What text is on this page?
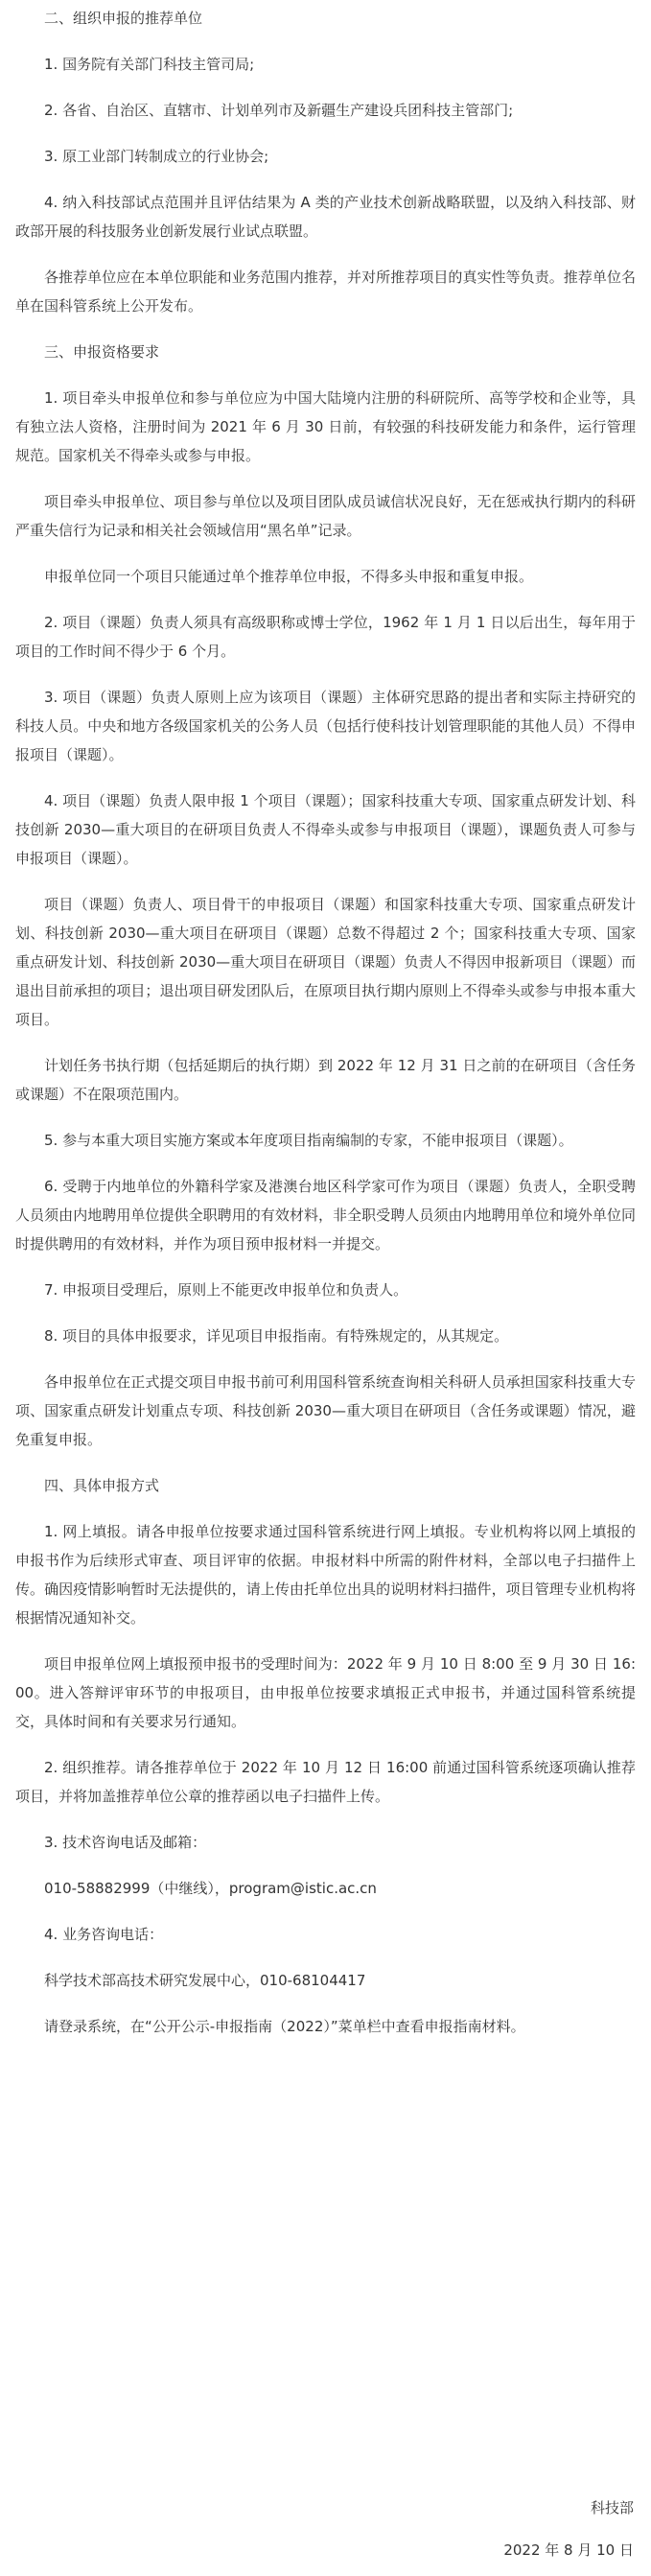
二、组织申报的推荐单位

1. 国务院有关部门科技主管司局;

2. 各省、自治区、直辖市、计划单列市及新疆生产建设兵团科技主管部门;

3. 原工业部门转制成立的行业协会;

4. 纳入科技部试点范围并且评估结果为 A 类的产业技术创新战略联盟，以及纳入科技部、财政部开展的科技服务业创新发展行业试点联盟。

各推荐单位应在本单位职能和业务范围内推荐，并对所推荐项目的真实性等负责。推荐单位名单在国科管系统上公开发布。

三、申报资格要求

1. 项目牵头申报单位和参与单位应为中国大陆境内注册的科研院所、高等学校和企业等，具有独立法人资格，注册时间为 2021 年 6 月 30 日前，有较强的科技研发能力和条件，运行管理规范。国家机关不得牵头或参与申报。

项目牵头申报单位、项目参与单位以及项目团队成员诚信状况良好，无在惩戒执行期内的科研严重失信行为记录和相关社会领域信用“黑名单”记录。

申报单位同一个项目只能通过单个推荐单位申报，不得多头申报和重复申报。

2. 项目（课题）负责人须具有高级职称或博士学位，1962 年 1 月 1 日以后出生，每年用于项目的工作时间不得少于 6 个月。

3. 项目（课题）负责人原则上应为该项目（课题）主体研究思路的提出者和实际主持研究的科技人员。中央和地方各级国家机关的公务人员（包括行使科技计划管理职能的其他人员）不得申报项目（课题）。

4. 项目（课题）负责人限申报 1 个项目（课题）；国家科技重大专项、国家重点研发计划、科技创新 2030—重大项目的在研项目负责人不得牵头或参与申报项目（课题），课题负责人可参与申报项目（课题）。

项目（课题）负责人、项目骨干的申报项目（课题）和国家科技重大专项、国家重点研发计划、科技创新 2030—重大项目在研项目（课题）总数不得超过 2 个；国家科技重大专项、国家重点研发计划、科技创新 2030—重大项目在研项目（课题）负责人不得因申报新项目（课题）而退出目前承担的项目；退出项目研发团队后，在原项目执行期内原则上不得牵头或参与申报本重大项目。

计划任务书执行期（包括延期后的执行期）到 2022 年 12 月 31 日之前的在研项目（含任务或课题）不在限项范围内。

5. 参与本重大项目实施方案或本年度项目指南编制的专家，不能申报项目（课题）。

6. 受聘于内地单位的外籍科学家及港澳台地区科学家可作为项目（课题）负责人，全职受聘人员须由内地聘用单位提供全职聘用的有效材料，非全职受聘人员须由内地聘用单位和境外单位同时提供聘用的有效材料，并作为项目预申报材料一并提交。

7. 申报项目受理后，原则上不能更改申报单位和负责人。

8. 项目的具体申报要求，详见项目申报指南。有特殊规定的，从其规定。

各申报单位在正式提交项目申报书前可利用国科管系统查询相关科研人员承担国家科技重大专项、国家重点研发计划重点专项、科技创新 2030—重大项目在研项目（含任务或课题）情况，避免重复申报。

四、具体申报方式

1. 网上填报。请各申报单位按要求通过国科管系统进行网上填报。专业机构将以网上填报的申报书作为后续形式审查、项目评审的依据。申报材料中所需的附件材料，全部以电子扫描件上传。确因疫情影响暂时无法提供的，请上传由托单位出具的说明材料扫描件，项目管理专业机构将根据情况通知补交。

项目申报单位网上填报预申报书的受理时间为：2022 年 9 月 10 日 8:00 至 9 月 30 日 16:00。进入答辩评审环节的申报项目，由申报单位按要求填报正式申报书，并通过国科管系统提交，具体时间和有关要求另行通知。

2. 组织推荐。请各推荐单位于 2022 年 10 月 12 日 16:00 前通过国科管系统逐项确认推荐项目，并将加盖推荐单位公章的推荐函以电子扫描件上传。

3. 技术咨询电话及邮箱：

010-58882999（中继线），program@istic.ac.cn

4. 业务咨询电话：

科学技术部高技术研究发展中心，010-68104417

请登录系统，在“公开公示-申报指南（2022）”菜单栏中查看申报指南材料。

科技部
2022 年 8 月 10 日
